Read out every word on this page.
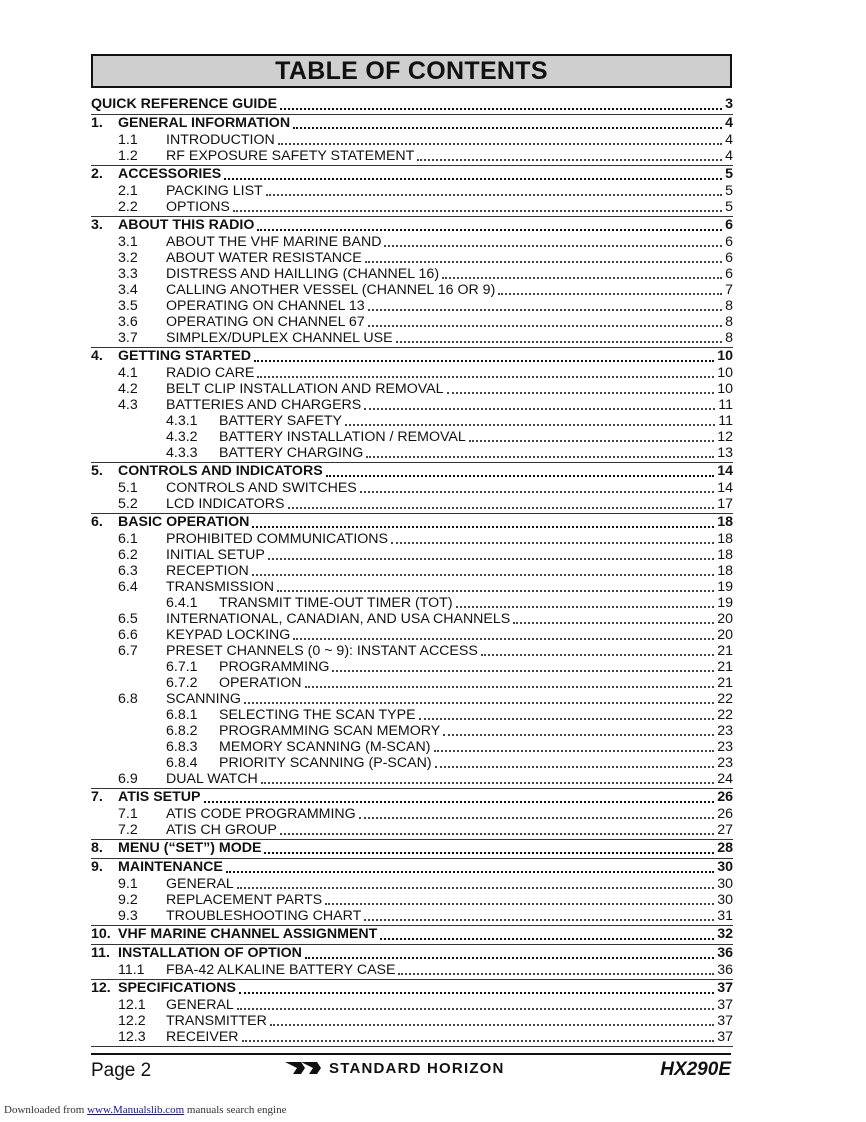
TABLE OF CONTENTS
QUICK REFERENCE GUIDE	3
1.	GENERAL INFORMATION	4
1.1	INTRODUCTION	4
1.2	RF EXPOSURE SAFETY STATEMENT	4
2.	ACCESSORIES	5
2.1	PACKING LIST	5
2.2	OPTIONS	5
3.	ABOUT THIS RADIO	6
3.1	ABOUT THE VHF MARINE BAND	6
3.2	ABOUT WATER RESISTANCE	6
3.3	DISTRESS AND HAILLING (CHANNEL 16)	6
3.4	CALLING ANOTHER VESSEL (CHANNEL 16 OR 9)	7
3.5	OPERATING ON CHANNEL 13	8
3.6	OPERATING ON CHANNEL 67	8
3.7	SIMPLEX/DUPLEX CHANNEL USE	8
4.	GETTING STARTED	10
4.1	RADIO CARE	10
4.2	BELT CLIP INSTALLATION AND REMOVAL	10
4.3	BATTERIES AND CHARGERS	11
4.3.1	BATTERY SAFETY	11
4.3.2	BATTERY INSTALLATION / REMOVAL	12
4.3.3	BATTERY CHARGING	13
5.	CONTROLS AND INDICATORS	14
5.1	CONTROLS AND SWITCHES	14
5.2	LCD INDICATORS	17
6.	BASIC OPERATION	18
6.1	PROHIBITED COMMUNICATIONS	18
6.2	INITIAL SETUP	18
6.3	RECEPTION	18
6.4	TRANSMISSION	19
6.4.1	TRANSMIT TIME-OUT TIMER (TOT)	19
6.5	INTERNATIONAL, CANADIAN, AND USA CHANNELS	20
6.6	KEYPAD LOCKING	20
6.7	PRESET CHANNELS (0 ~ 9): INSTANT ACCESS	21
6.7.1	PROGRAMMING	21
6.7.2	OPERATION	21
6.8	SCANNING	22
6.8.1	SELECTING THE SCAN TYPE	22
6.8.2	PROGRAMMING SCAN MEMORY	23
6.8.3	MEMORY SCANNING (M-SCAN)	23
6.8.4	PRIORITY SCANNING (P-SCAN)	23
6.9	DUAL WATCH	24
7.	ATIS SETUP	26
7.1	ATIS CODE PROGRAMMING	26
7.2	ATIS CH GROUP	27
8.	MENU (“SET”) MODE	28
9.	MAINTENANCE	30
9.1	GENERAL	30
9.2	REPLACEMENT PARTS	30
9.3	TROUBLESHOOTING CHART	31
10. VHF MARINE CHANNEL ASSIGNMENT	32
11. INSTALLATION OF OPTION	36
11.1	FBA-42 ALKALINE BATTERY CASE	36
12. SPECIFICATIONS	37
12.1	GENERAL	37
12.2	TRANSMITTER	37
12.3	RECEIVER	37
Page 2	STANDARD HORIZON	HX290E
Downloaded from www.Manualslib.com manuals search engine
